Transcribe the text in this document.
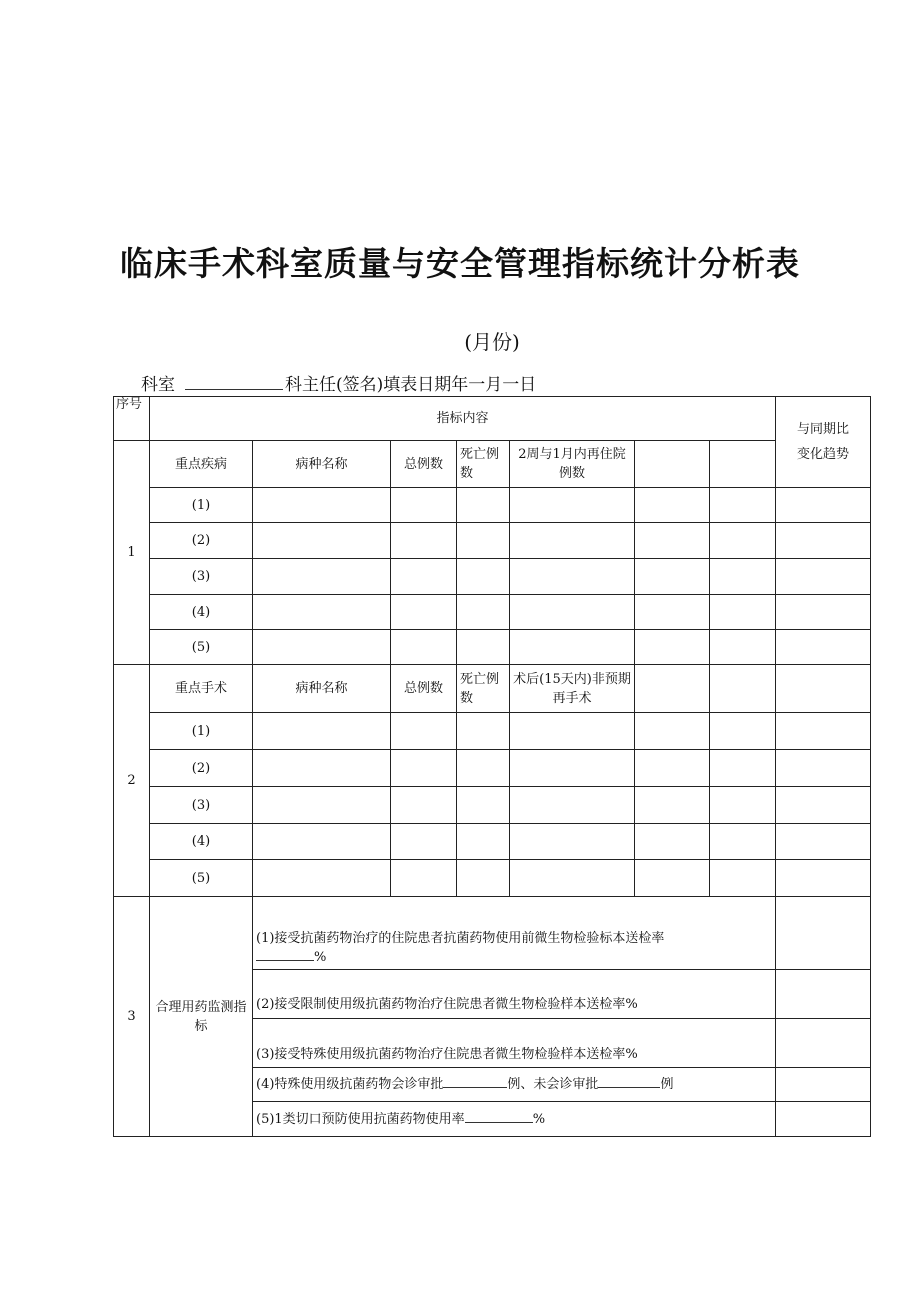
临床手术科室质量与安全管理指标统计分析表
(月份)
科室	科主任(签名)填表日期年一月一日
序号	指标内容							与同期比变化趋势
1	重点疾病	病种名称	总例数	死亡例数	2周与1月内再住院例数			
	(1)							
	(2)							
	(3)							
	(4)							
	(5)							
2	重点手术	病种名称	总例数	死亡例数	术后(15天内)非预期再手术			
	(1)							
	(2)							
	(3)							
	(4)							
	(5)							
3	合理用药监测指标	(1)接受抗菌药物治疗的住院患者抗菌药物使用前微生物检验标本送检率
%						
		(2)接受限制使用级抗菌药物治疗住院患者微生物检验样本送检率%						
		(3)接受特殊使用级抗菌药物治疗住院患者微生物检验样本送检率%						
		(4)特殊使用级抗菌药物会诊审批 例、未会诊审批 例						
		(5)1类切口预防使用抗菌药物使用率 %						
